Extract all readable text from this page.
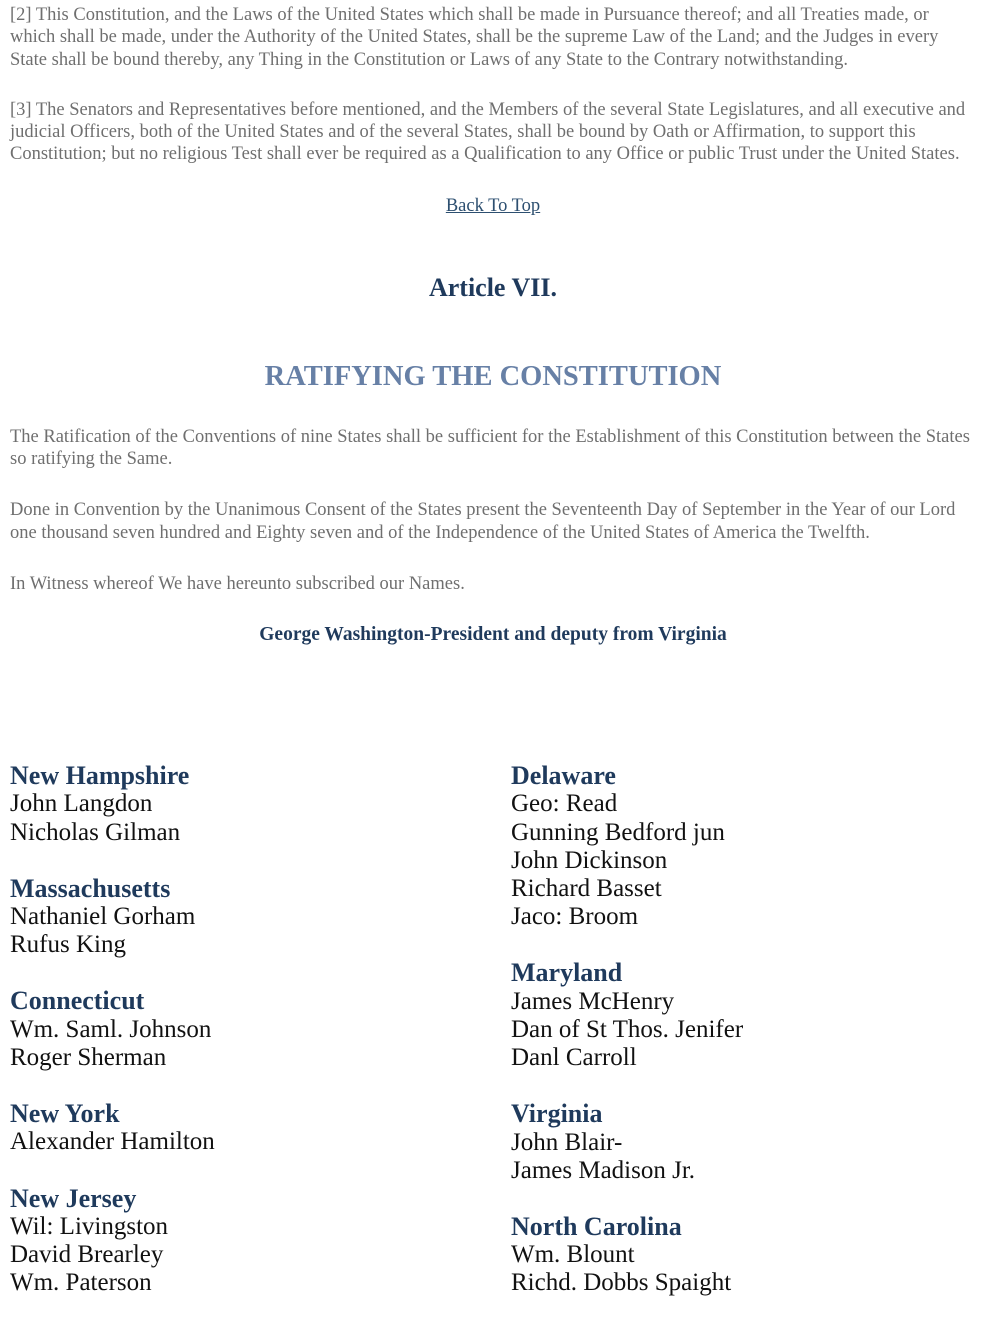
[2] This Constitution, and the Laws of the United States which shall be made in Pursuance thereof; and all Treaties made, or which shall be made, under the Authority of the United States, shall be the supreme Law of the Land; and the Judges in every State shall be bound thereby, any Thing in the Constitution or Laws of any State to the Contrary notwithstanding.

[3] The Senators and Representatives before mentioned, and the Members of the several State Legislatures, and all executive and judicial Officers, both of the United States and of the several States, shall be bound by Oath or Affirmation, to support this Constitution; but no religious Test shall ever be required as a Qualification to any Office or public Trust under the United States.

Back To Top
Article VII.
RATIFYING THE CONSTITUTION

The Ratification of the Conventions of nine States shall be sufficient for the Establishment of this Constitution between the States so ratifying the Same.

Done in Convention by the Unanimous Consent of the States present the Seventeenth Day of September in the Year of our Lord one thousand seven hundred and Eighty seven and of the Independence of the United States of America the Twelfth.

In Witness whereof We have hereunto subscribed our Names.

George Washington-President and deputy from Virginia

New Hampshire
John Langdon
Nicholas Gilman
Massachusetts
Nathaniel Gorham
Rufus King
Connecticut
Wm. Saml. Johnson
Roger Sherman
New York
Alexander Hamilton
New Jersey
Wil: Livingston
David Brearley
Wm. Paterson
Delaware
Geo: Read
Gunning Bedford jun
John Dickinson
Richard Basset
Jaco: Broom
Maryland
James McHenry
Dan of St Thos. Jenifer
Danl Carroll
Virginia
John Blair-
James Madison Jr.
North Carolina
Wm. Blount
Richd. Dobbs Spaight
